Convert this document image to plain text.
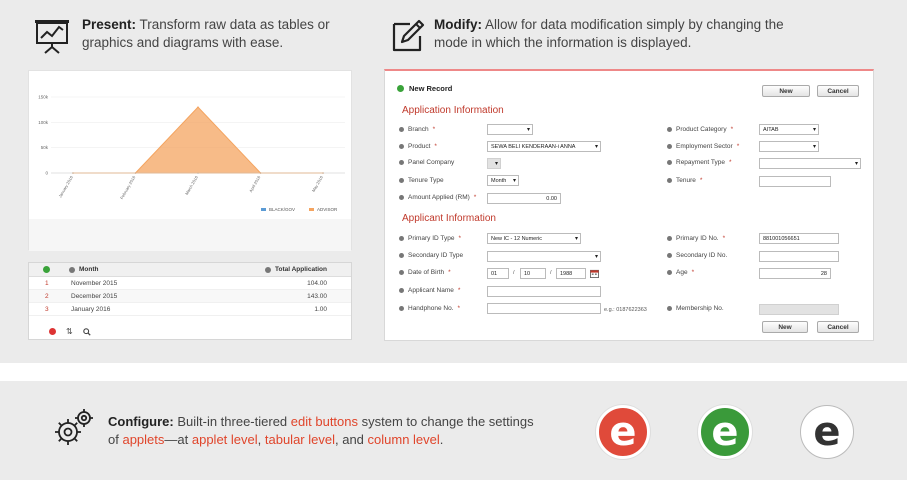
Present: Transform raw data as tables or graphics and diagrams with ease.
Modify: Allow for data modification simply by changing the mode in which the information is displayed.
150k
100k
50k
0
January 2016	February 2016	March 2016	April 2016	May 2016
BLACK/GOV	ADVISOR
Month	Total Application
1	November 2015	104.00
2	December 2015	143.00
3	January 2016	1.00
⇅
New Record	New	Cancel
Application Information
Branch *
▾
Product *	SEWA BELI KENDERAAN-i ANNA ▾
Panel Company
▾
Tenure Type	Month ▾
Amount Applied (RM) *	0.00
Product Category *	AITAB ▾
Employment Sector *
▾
Repayment Type *
▾
Tenure *
Applicant Information
Primary ID Type *	New IC - 12 Numeric ▾
Secondary ID Type
▾
Date of Birth *	01	/	10	/	1988
Applicant Name *
Handphone No. *	e.g.: 0187622363
Primary ID No. *	881001056651
Secondary ID No.
Age *	28
Membership No.
New	Cancel
Configure: Built-in three-tiered edit buttons system to change the settings of applets—at applet level, tabular level, and column level.	e	e	e
